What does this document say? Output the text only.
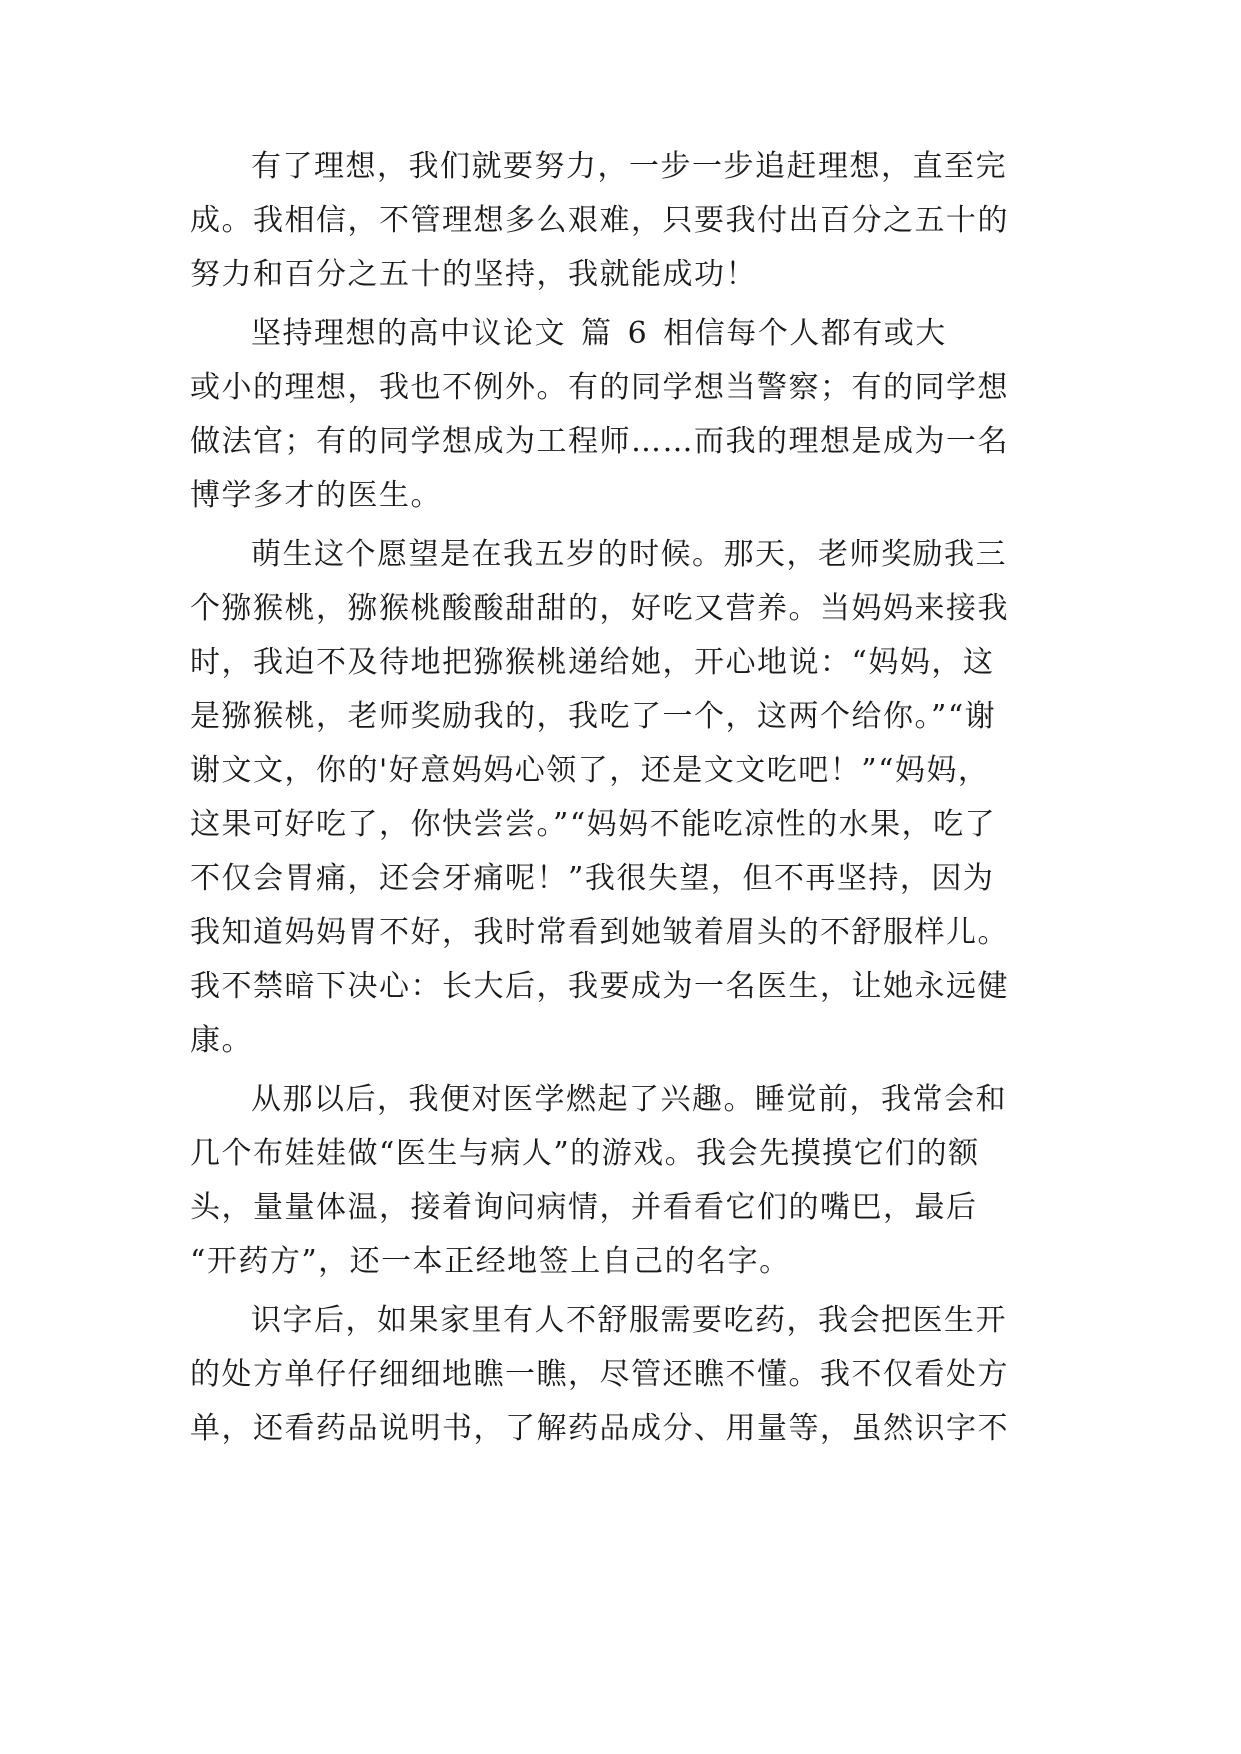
有了理想，我们就要努力，一步一步追赶理想，直至完

成。我相信，不管理想多么艰难，只要我付出百分之五十的

努力和百分之五十的坚持，我就能成功！

坚持理想的高中议论文 篇 6 相信每个人都有或大

或小的理想，我也不例外。有的同学想当警察；有的同学想

做法官；有的同学想成为工程师……而我的理想是成为一名

博学多才的医生。

萌生这个愿望是在我五岁的时候。那天，老师奖励我三

个猕猴桃，猕猴桃酸酸甜甜的，好吃又营养。当妈妈来接我

时，我迫不及待地把猕猴桃递给她，开心地说：“妈妈，这

是猕猴桃，老师奖励我的，我吃了一个，这两个给你。”“谢

谢文文，你的'好意妈妈心领了，还是文文吃吧！”“妈妈，

这果可好吃了，你快尝尝。”“妈妈不能吃凉性的水果，吃了

不仅会胃痛，还会牙痛呢！”我很失望，但不再坚持，因为

我知道妈妈胃不好，我时常看到她皱着眉头的不舒服样儿。

我不禁暗下决心：长大后，我要成为一名医生，让她永远健

康。

从那以后，我便对医学燃起了兴趣。睡觉前，我常会和

几个布娃娃做“医生与病人”的游戏。我会先摸摸它们的额

头，量量体温，接着询问病情，并看看它们的嘴巴，最后

“开药方”，还一本正经地签上自己的名字。

识字后，如果家里有人不舒服需要吃药，我会把医生开

的处方单仔仔细细地瞧一瞧，尽管还瞧不懂。我不仅看处方

单，还看药品说明书，了解药品成分、用量等，虽然识字不
